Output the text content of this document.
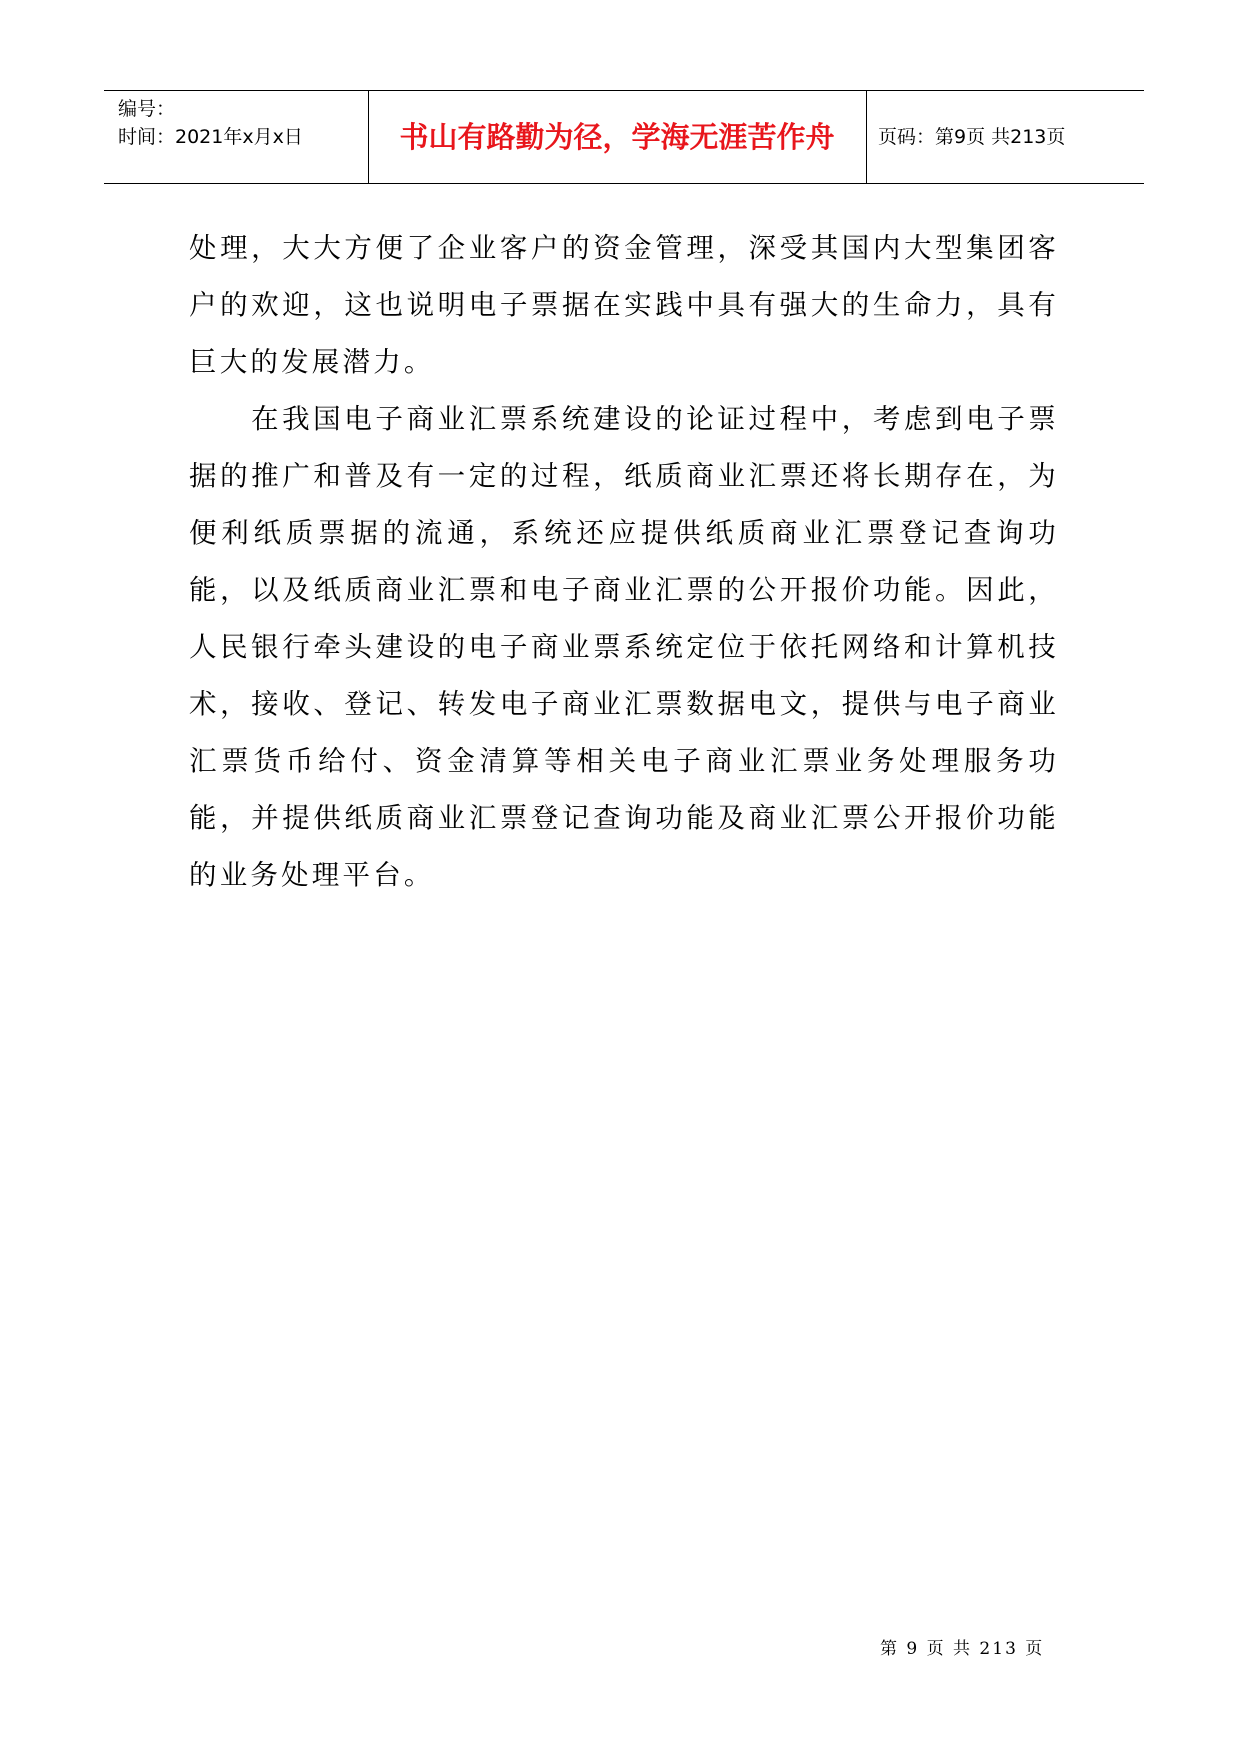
编号：
时间：2021年x月x日	书山有路勤为径，学海无涯苦作舟	页码：第9页 共213页

处理，大大方便了企业客户的资金管理，深受其国内大型集团客户的欢迎，这也说明电子票据在实践中具有强大的生命力，具有巨大的发展潜力。

在我国电子商业汇票系统建设的论证过程中，考虑到电子票据的推广和普及有一定的过程，纸质商业汇票还将长期存在，为便利纸质票据的流通，系统还应提供纸质商业汇票登记查询功能，以及纸质商业汇票和电子商业汇票的公开报价功能。因此，人民银行牵头建设的电子商业票系统定位于依托网络和计算机技术，接收、登记、转发电子商业汇票数据电文，提供与电子商业汇票货币给付、资金清算等相关电子商业汇票业务处理服务功能，并提供纸质商业汇票登记查询功能及商业汇票公开报价功能的业务处理平台。

第 9 页 共 213 页
